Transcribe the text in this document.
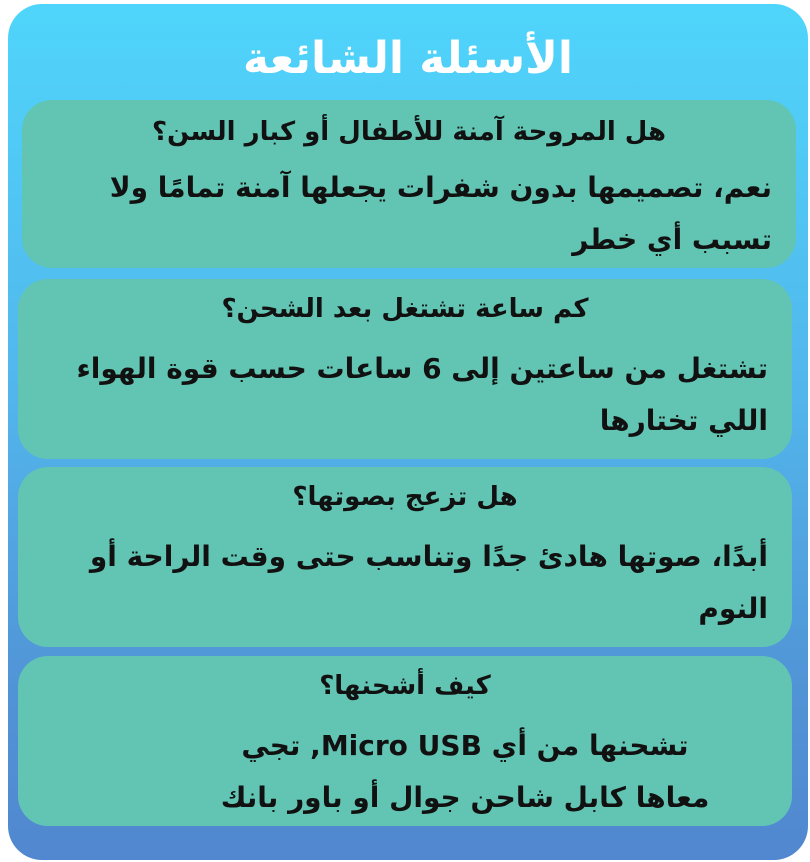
الأسئلة الشائعة
هل المروحة آمنة للأطفال أو كبار السن؟
نعم، تصميمها بدون شفرات يجعلها آمنة تمامًا ولا تسبب أي خطر
كم ساعة تشتغل بعد الشحن؟
تشتغل من ساعتين إلى 6 ساعات حسب قوة الهواء اللي تختارها
هل تزعج بصوتها؟
أبدًا، صوتها هادئ جدًا وتناسب حتى وقت الراحة أو النوم
كيف أشحنها؟
تشحنها من أي Micro USB, تجي معاها كابل شاحن جوال أو باور بانك
